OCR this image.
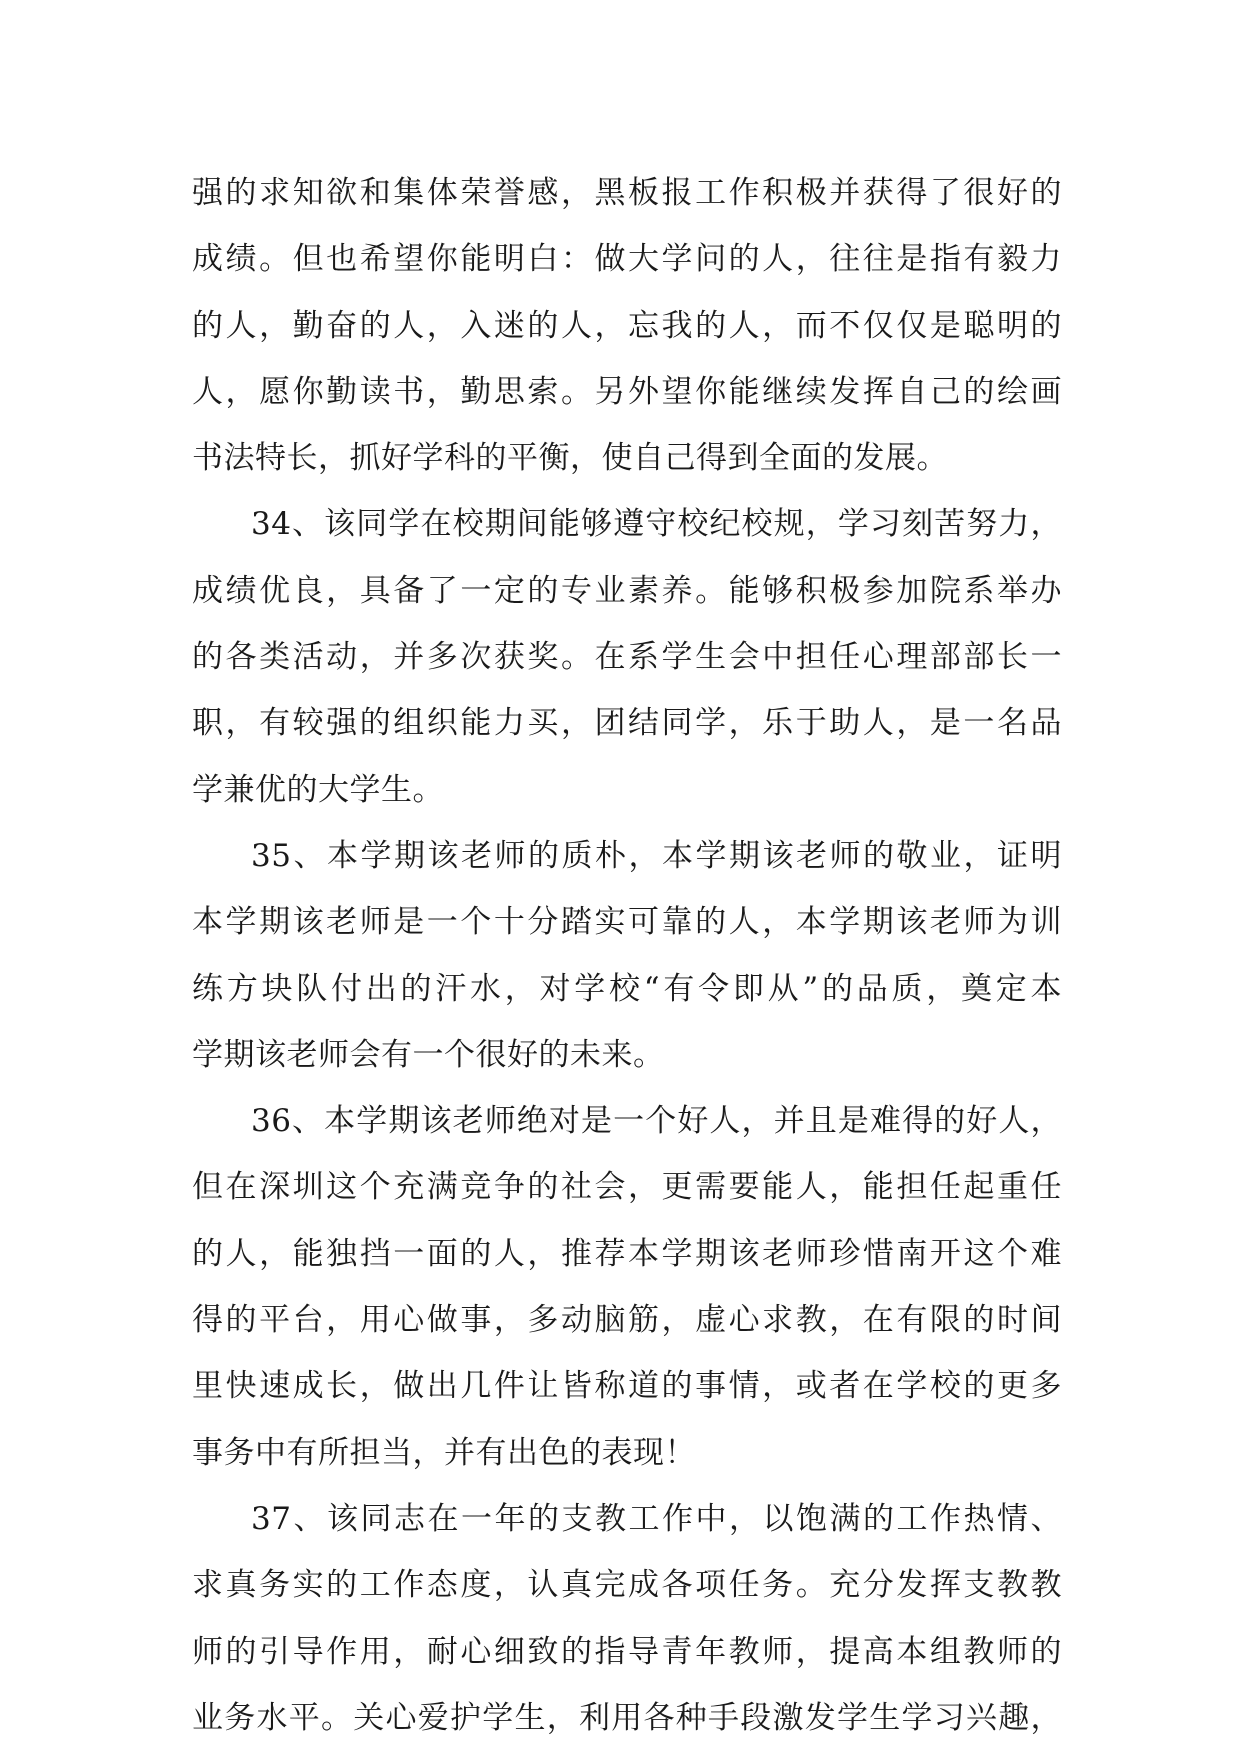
强的求知欲和集体荣誉感，黑板报工作积极并获得了很好的
成绩。但也希望你能明白：做大学问的人，往往是指有毅力
的人，勤奋的人，入迷的人，忘我的人，而不仅仅是聪明的
人，愿你勤读书，勤思索。另外望你能继续发挥自己的绘画
书法特长，抓好学科的平衡，使自己得到全面的发展。
34、该同学在校期间能够遵守校纪校规，学习刻苦努力，
成绩优良，具备了一定的专业素养。能够积极参加院系举办
的各类活动，并多次获奖。在系学生会中担任心理部部长一
职，有较强的组织能力买，团结同学，乐于助人，是一名品
学兼优的大学生。
35、本学期该老师的质朴，本学期该老师的敬业，证明
本学期该老师是一个十分踏实可靠的人，本学期该老师为训
练方块队付出的汗水，对学校“有令即从”的品质，奠定本
学期该老师会有一个很好的未来。
36、本学期该老师绝对是一个好人，并且是难得的好人，
但在深圳这个充满竞争的社会，更需要能人，能担任起重任
的人，能独挡一面的人，推荐本学期该老师珍惜南开这个难
得的平台，用心做事，多动脑筋，虚心求教，在有限的时间
里快速成长，做出几件让皆称道的事情，或者在学校的更多
事务中有所担当，并有出色的表现！
37、该同志在一年的支教工作中，以饱满的工作热情、
求真务实的工作态度，认真完成各项任务。充分发挥支教教
师的引导作用，耐心细致的指导青年教师，提高本组教师的
业务水平。关心爱护学生，利用各种手段激发学生学习兴趣，
